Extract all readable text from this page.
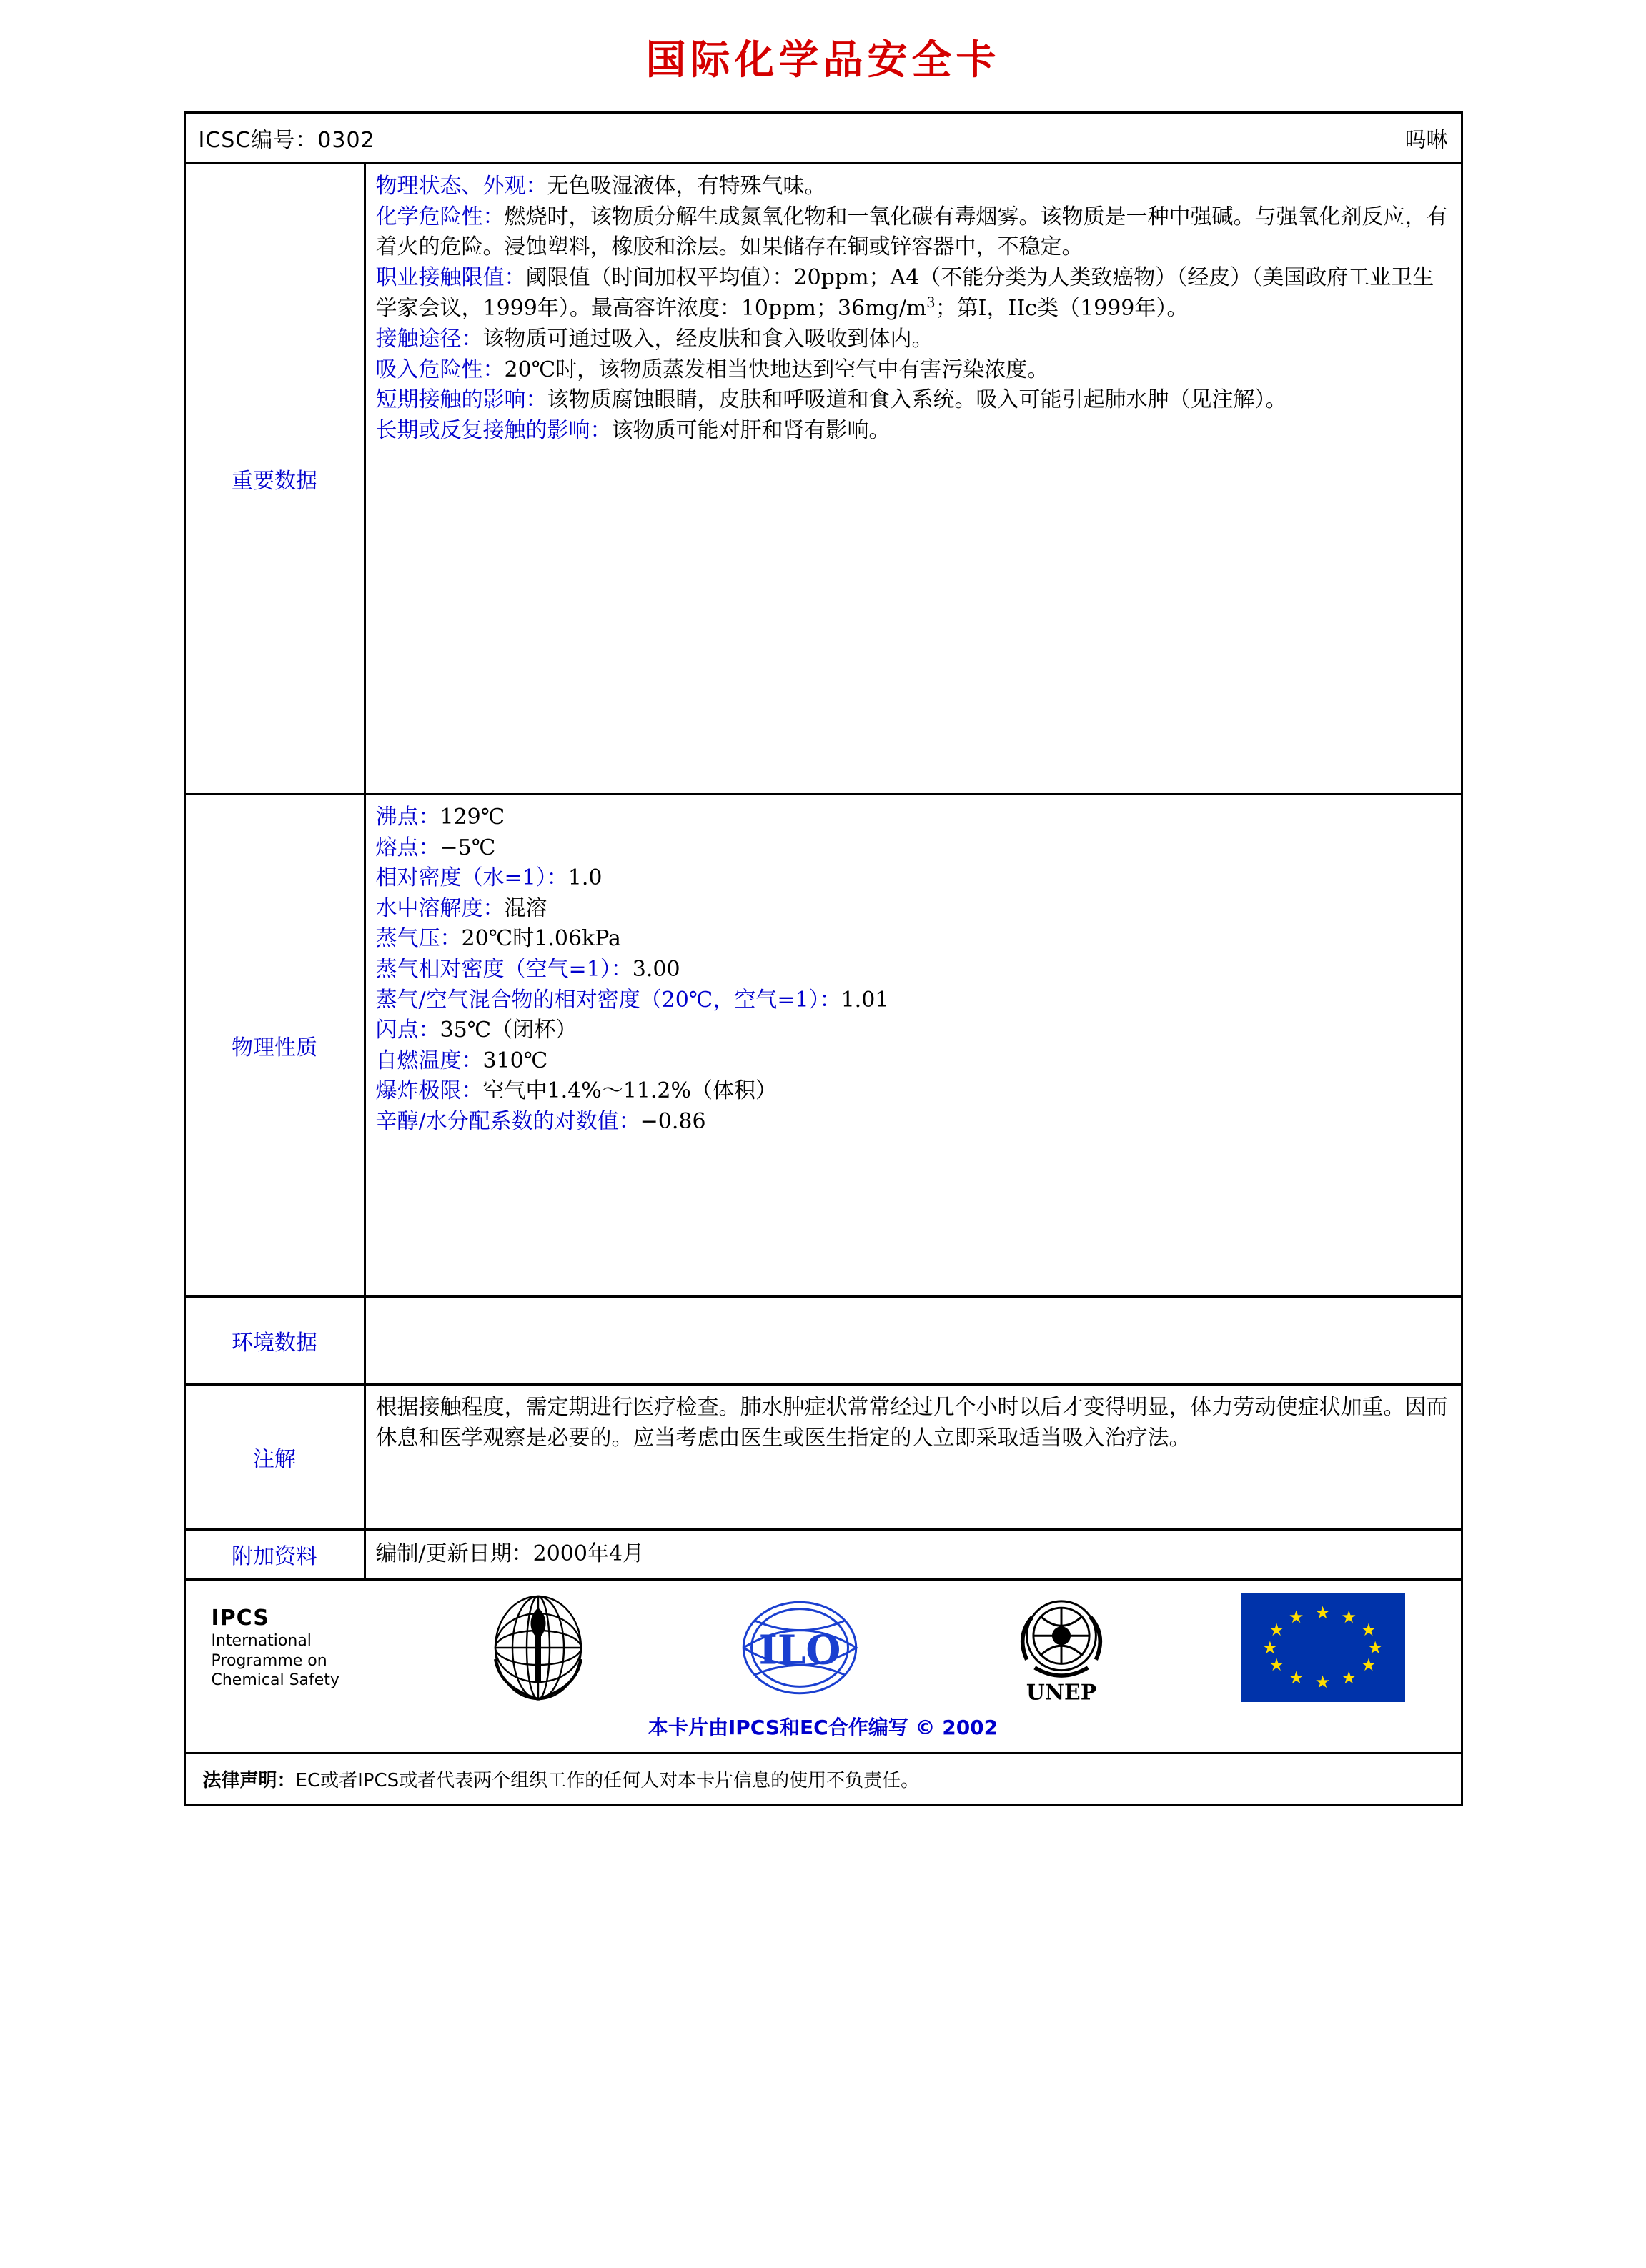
国际化学品安全卡
ICSC编号：0302	吗啉
重要数据
物理状态、外观：无色吸湿液体，有特殊气味。
化学危险性：燃烧时，该物质分解生成氮氧化物和一氧化碳有毒烟雾。该物质是一种中强碱。与强氧化剂反应，有着火的危险。浸蚀塑料，橡胶和涂层。如果储存在铜或锌容器中，不稳定。
职业接触限值：阈限值（时间加权平均值）：20ppm；A4（不能分类为人类致癌物）（经皮）（美国政府工业卫生学家会议，1999年）。最高容许浓度：10ppm；$36mg/m^3$；第I，IIc类（1999年）。
接触途径：该物质可通过吸入，经皮肤和食入吸收到体内。
吸入危险性：20℃时，该物质蒸发相当快地达到空气中有害污染浓度。
短期接触的影响：该物质腐蚀眼睛，皮肤和呼吸道和食入系统。吸入可能引起肺水肿（见注解）。
长期或反复接触的影响：该物质可能对肝和肾有影响。
物理性质
沸点：129℃
熔点：−5℃
相对密度（水=1）：1.0
水中溶解度：混溶
蒸气压：20℃时1.06kPa
蒸气相对密度（空气=1）：3.00
蒸气/空气混合物的相对密度（20℃，空气=1）：1.01
闪点：35℃（闭杯）
自燃温度：310℃
爆炸极限：空气中1.4%～11.2%（体积）
辛醇/水分配系数的对数值：−0.86
环境数据
注解
根据接触程度，需定期进行医疗检查。肺水肿症状常常经过几个小时以后才变得明显，体力劳动使症状加重。因而休息和医学观察是必要的。应当考虑由医生或医生指定的人立即采取适当吸入治疗法。
附加资料	编制/更新日期：2000年4月
IPCS
International
Programme on
Chemical Safety
ILO
UNEP
★ ★
★
★
★
★
★
★
★
★
★
★
本卡片由IPCS和EC合作编写 © 2002
法律声明：EC或者IPCS或者代表两个组织工作的任何人对本卡片信息的使用不负责任。
